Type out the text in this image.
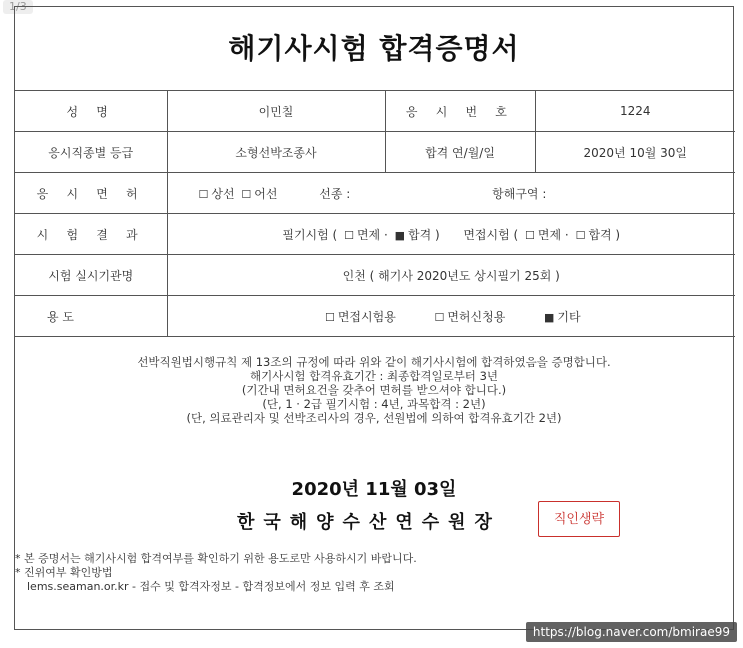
1/3
해기사시험 합격증명서
성 명	이민칠	응 시 번 호	1224
응시직종별 등급	소형선박조종사	합격 연/월/일	2020년 10월 30일
응 시 면 허	☐ 상선 ☐ 어선 선종 : 항해구역 :		
시 험 결 과	필기시험 ( ☐ 면제 · ■ 합격 ) 면접시험 ( ☐ 면제 · ☐ 합격 )		
시험 실시기관명	인천 ( 해기사 2020년도 상시필기 25회 )		

용 도	☐ 면접시험용 ☐ 면허신청용 ■ 기타		
선박직원법시행규칙 제 13조의 규정에 따라 위와 같이 해기사시험에 합격하였음을 증명합니다.
해기사시험 합격유효기간 : 최종합격일로부터 3년
(기간내 면허요건을 갖추어 면허를 받으셔야 합니다.)
(단, 1 · 2급 필기시험 : 4년, 과목합격 : 2년)
(단, 의료관리자 및 선박조리사의 경우, 선원법에 의하여 합격유효기간 2년)
2020년 11월 03일
한국해양수산연수원장	직인생략
* 본 증명서는 해기사시험 합격여부를 확인하기 위한 용도로만 사용하시기 바랍니다.
* 진위여부 확인방법
lems.seaman.or.kr - 접수 및 합격자정보 - 합격정보에서 정보 입력 후 조회
https://blog.naver.com/bmirae99
